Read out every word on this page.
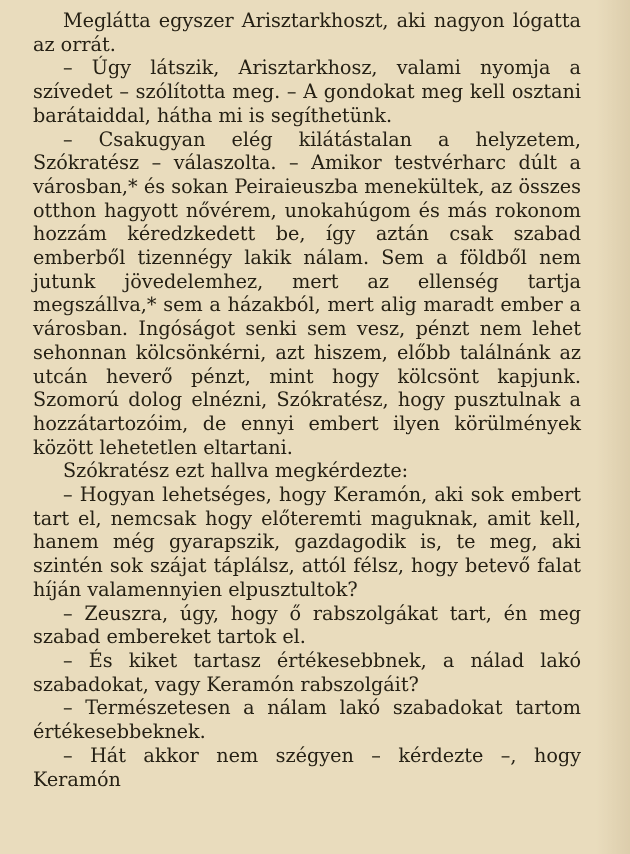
Meglátta egyszer Arisztarkhoszt, aki nagyon lógatta az orrát.

– Úgy látszik, Arisztarkhosz, valami nyomja a szívedet – szólította meg. – A gondokat meg kell osztani barátaiddal, hátha mi is segíthetünk.

– Csakugyan elég kilátástalan a helyzetem, Szókratész – válaszolta. – Amikor testvérharc dúlt a városban,* és sokan Peiraieuszba menekültek, az összes otthon hagyott nővérem, unokahúgom és más rokonom hozzám kéredzkedett be, így aztán csak szabad emberből tizennégy lakik nálam. Sem a földből nem jutunk jövedelemhez, mert az ellenség tartja megszállva,* sem a házakból, mert alig maradt ember a városban. Ingóságot senki sem vesz, pénzt nem lehet sehonnan kölcsönkérni, azt hiszem, előbb találnánk az utcán heverő pénzt, mint hogy kölcsönt kapjunk. Szomorú dolog elnézni, Szókratész, hogy pusztulnak a hozzátartozóim, de ennyi embert ilyen körülmények között lehetetlen eltartani.

Szókratész ezt hallva megkérdezte:

– Hogyan lehetséges, hogy Keramón, aki sok embert tart el, nemcsak hogy előteremti maguknak, amit kell, hanem még gyarapszik, gazdagodik is, te meg, aki szintén sok szájat táplálsz, attól félsz, hogy betevő falat híján valamennyien elpusztultok?

– Zeuszra, úgy, hogy ő rabszolgákat tart, én meg szabad embereket tartok el.

– És kiket tartasz értékesebbnek, a nálad lakó szabadokat, vagy Keramón rabszolgáit?

– Természetesen a nálam lakó szabadokat tartom értékesebbeknek.

– Hát akkor nem szégyen – kérdezte –, hogy Keramón
